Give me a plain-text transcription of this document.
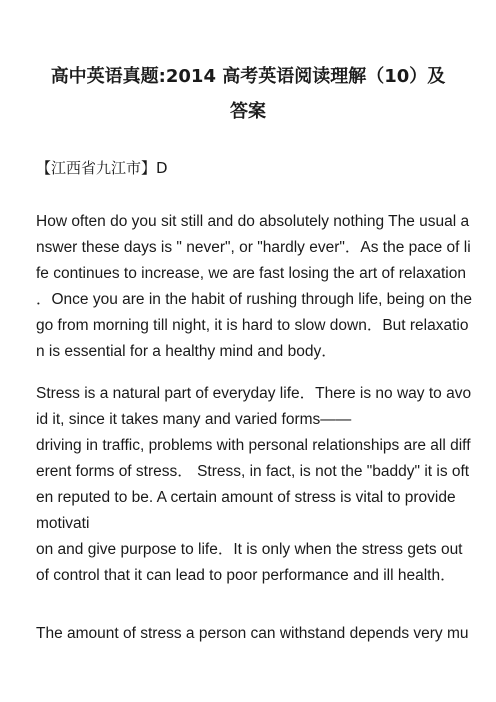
高中英语真题:2014 高考英语阅读理解（10）及
答案
【江西省九江市】D
How often do you sit still and do absolutely nothing The usual a
nswer these days is " never", or "hardly ever"．As the pace of li
fe continues to increase, we are fast losing the art of relaxation
．Once you are in the habit of rushing through life, being on the
go from morning till night, it is hard to slow down．But relaxatio
n is essential for a healthy mind and body．
Stress is a natural part of everyday life．There is no way to avo
id it, since it takes many and varied forms——
driving in traffic, problems with personal relationships are all diff
erent forms of stress． Stress, in fact, is not the "baddy" it is oft
en reputed to be. A certain amount of stress is vital to provide
motivati
on and give purpose to life．It is only when the stress gets out
of control that it can lead to poor performance and ill health．
The amount of stress a person can withstand depends very mu
